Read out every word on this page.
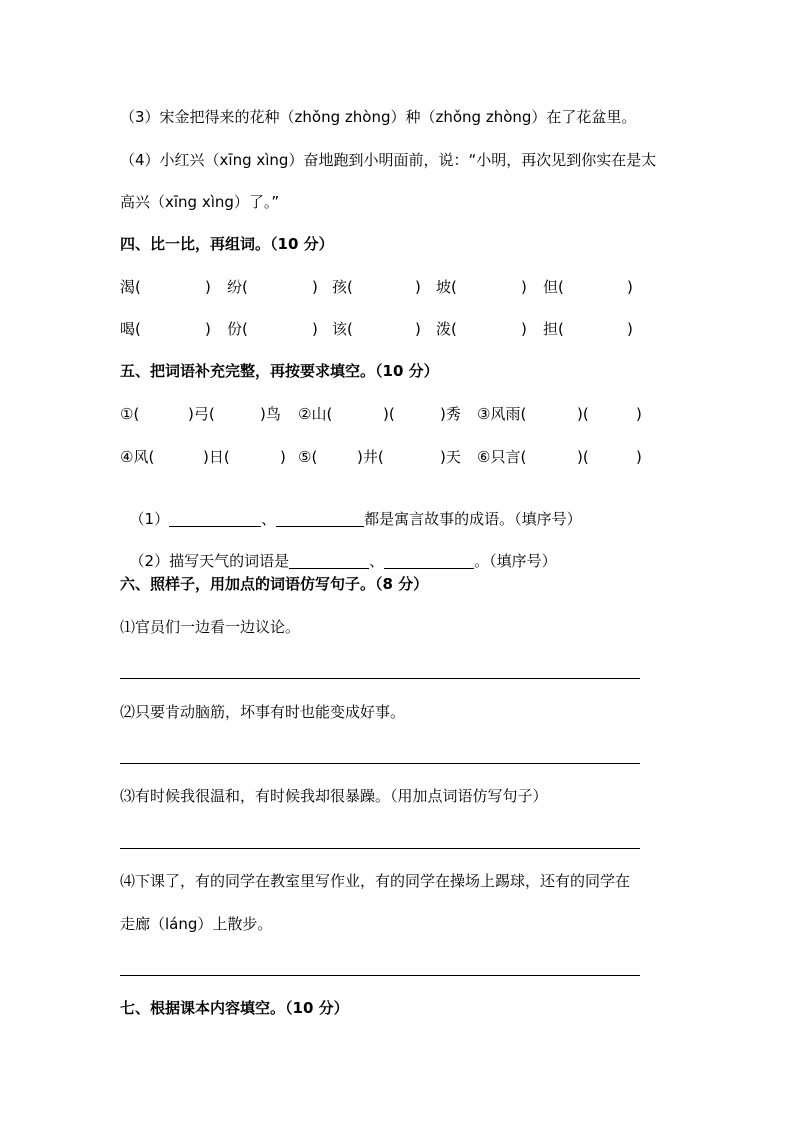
（3）宋金把得来的花种（zhǒng zhòng）种（zhǒng zhòng）在了花盆里。
（4）小红兴（xīng xìng）奋地跑到小明面前，说：“小明，再次见到你实在是太
高兴（xīng xìng）了。”
四、比一比，再组词。（10 分）
渴(	) 纷(	) 孩(	) 坡(	) 但(	)
喝(	) 份(	) 该(	) 泼(	) 担(	)
五、把词语补充完整，再按要求填空。（10 分）
①(	)弓(	)鸟 ②山(	)(	)秀 ③风雨(	)(	)
④风(	)日(	) ⑤(	)井(	)天 ⑥只言(	)(	)

（1）	、	都是寓言故事的成语。（填序号）

（2）描写天气的词语是	、	。（填序号）

六、照样子，用加点的词语仿写句子。（8 分）
⑴官员们一边看一边议论。
⑵只要肯动脑筋，坏事有时也能变成好事。
⑶有时候我很温和，有时候我却很暴躁。（用加点词语仿写句子）
⑷下课了，有的同学在教室里写作业，有的同学在操场上踢球，还有的同学在
走廊（láng）上散步。
七、根据课本内容填空。（10 分）
